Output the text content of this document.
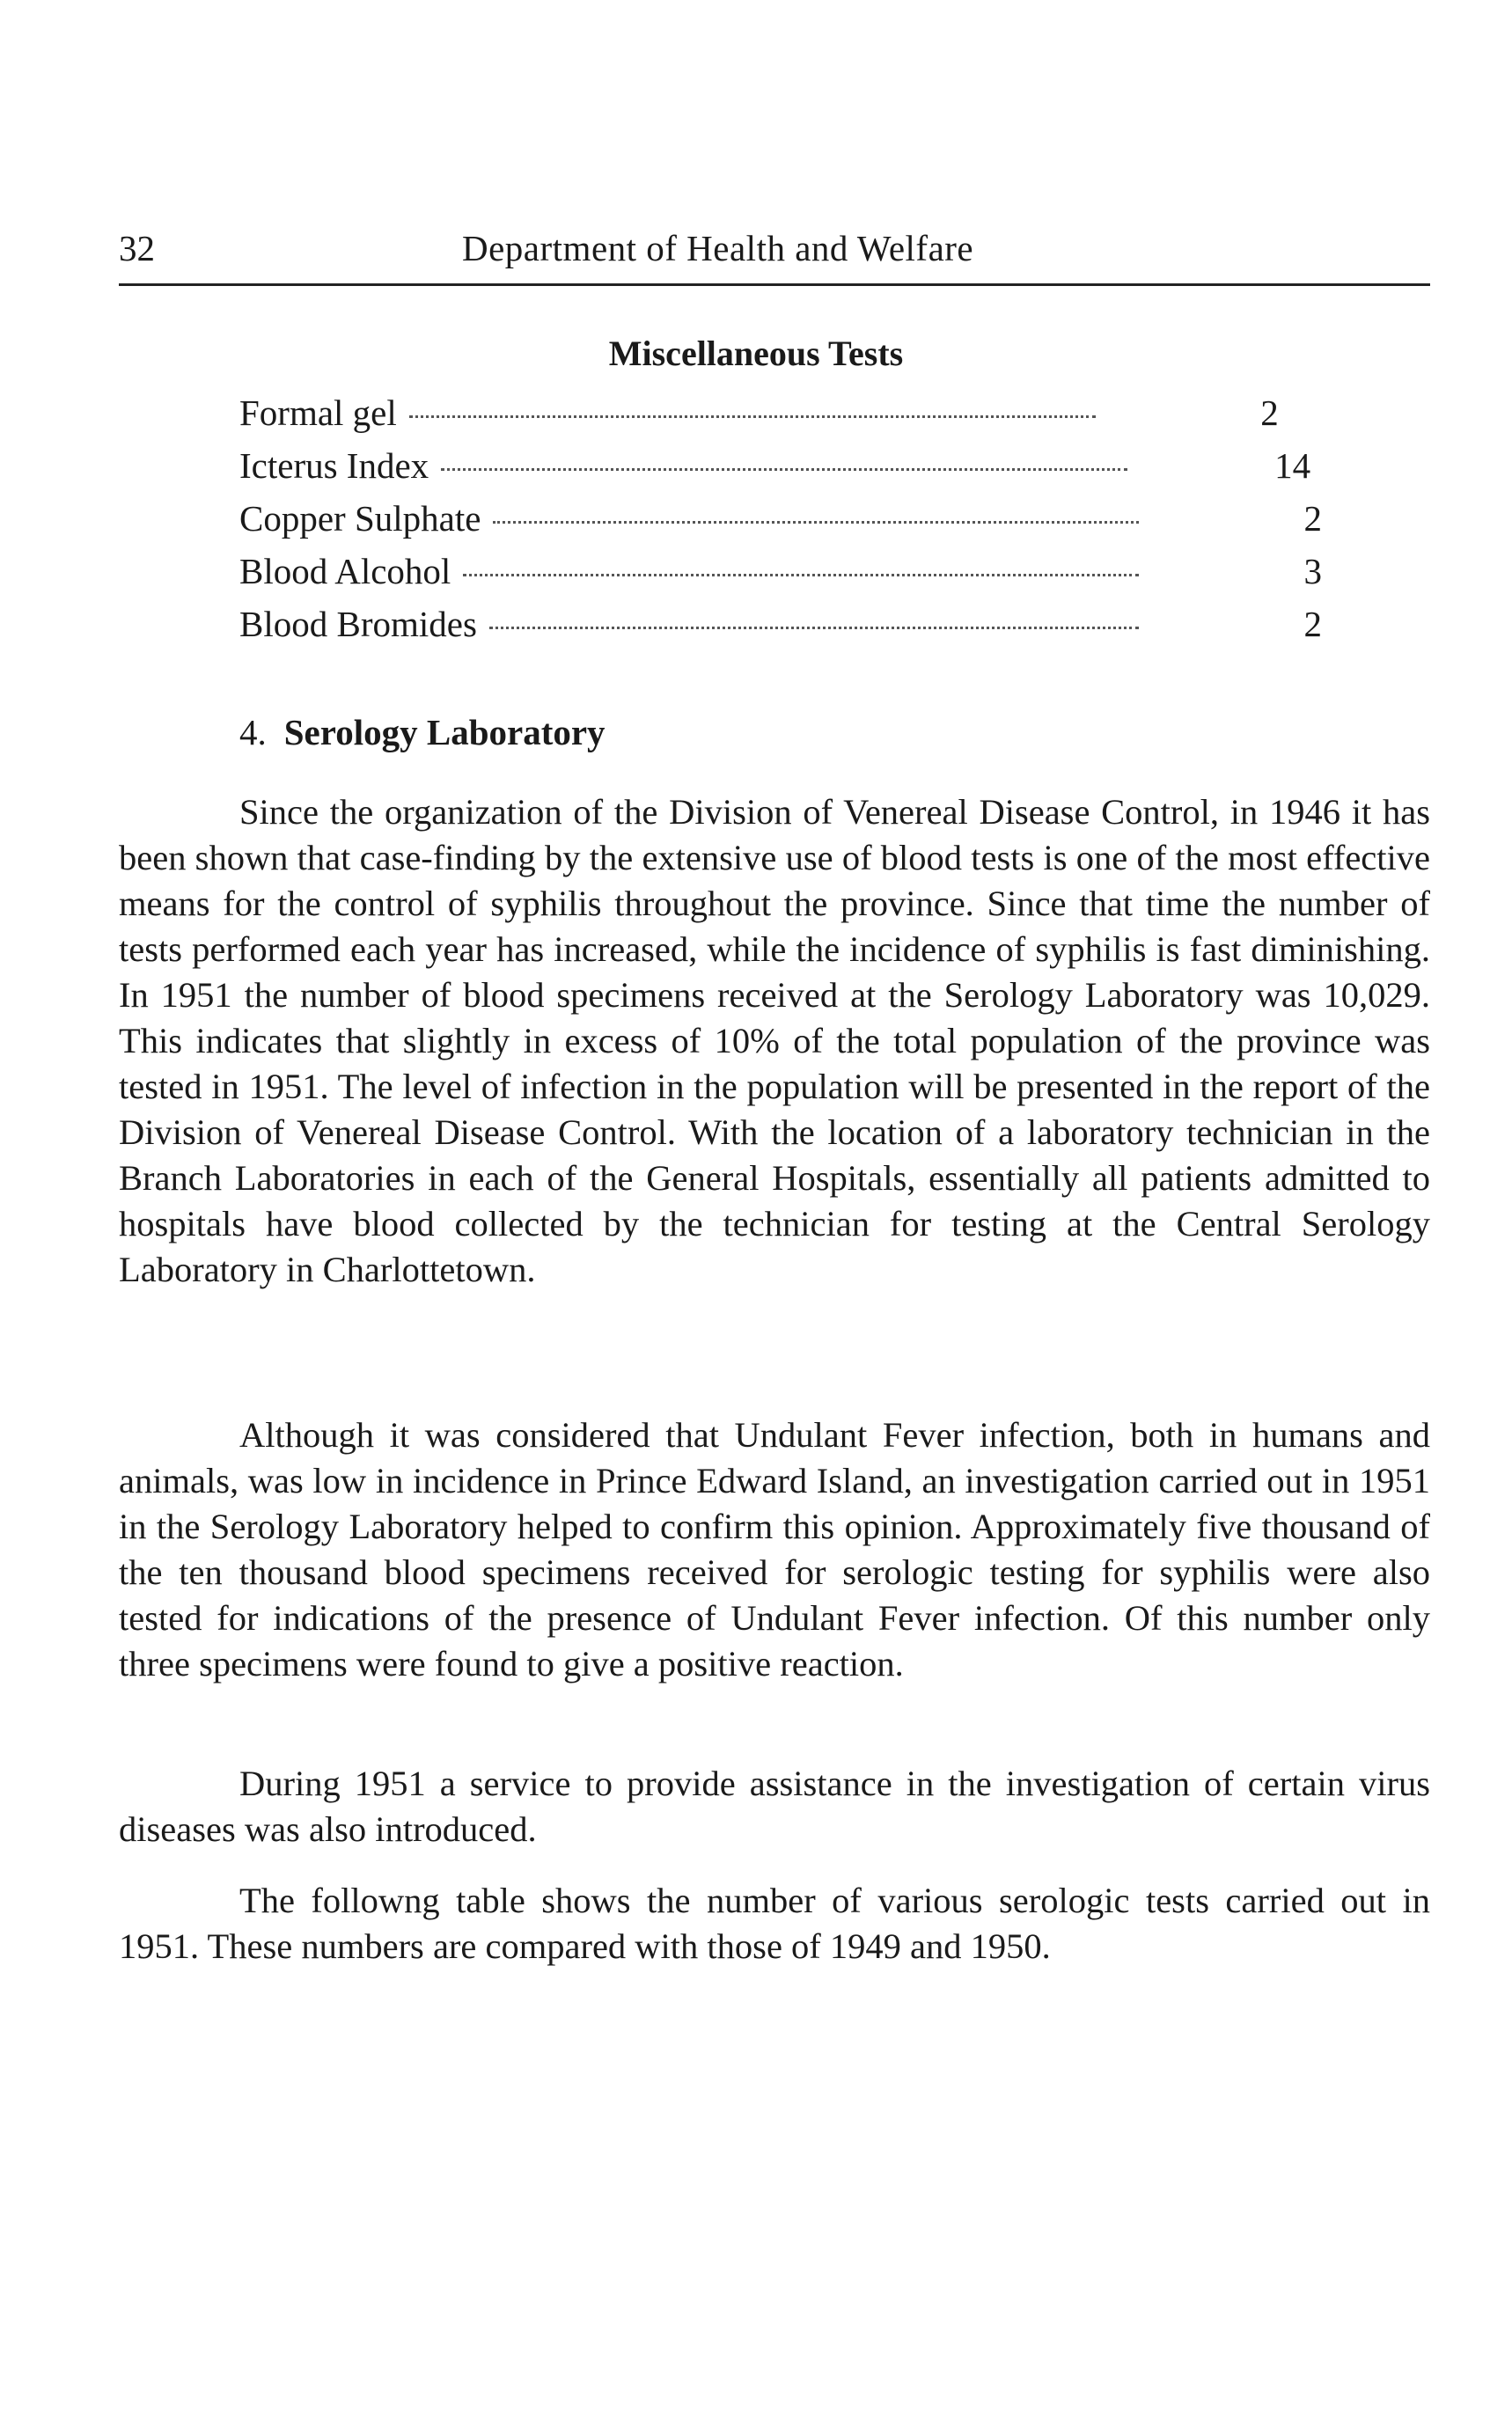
32	Department of Health and Welfare
Miscellaneous Tests
Formal gel	2
Icterus Index	14
Copper Sulphate	2
Blood Alcohol	3
Blood Bromides	2
4. Serology Laboratory

Since the organization of the Division of Venereal Disease Control, in 1946 it has been shown that case-finding by the extensive use of blood tests is one of the most effective means for the control of syphilis throughout the province. Since that time the number of tests performed each year has increased, while the incidence of syphilis is fast diminishing. In 1951 the number of blood specimens received at the Serology Laboratory was 10,029. This indicates that slightly in excess of 10% of the total population of the province was tested in 1951. The level of infection in the population will be presented in the report of the Division of Venereal Disease Control. With the location of a laboratory technician in the Branch Laboratories in each of the General Hospitals, essentially all patients admitted to hospitals have blood collected by the technician for testing at the Central Serology Laboratory in Charlottetown.

Although it was considered that Undulant Fever infection, both in humans and animals, was low in incidence in Prince Edward Island, an investigation carried out in 1951 in the Serology Laboratory helped to confirm this opinion. Approximately five thousand of the ten thousand blood specimens received for serologic testing for syphilis were also tested for indications of the presence of Undulant Fever infection. Of this number only three specimens were found to give a positive reaction.

During 1951 a service to provide assistance in the investigation of certain virus diseases was also introduced.

The followng table shows the number of various serologic tests carried out in 1951. These numbers are compared with those of 1949 and 1950.
